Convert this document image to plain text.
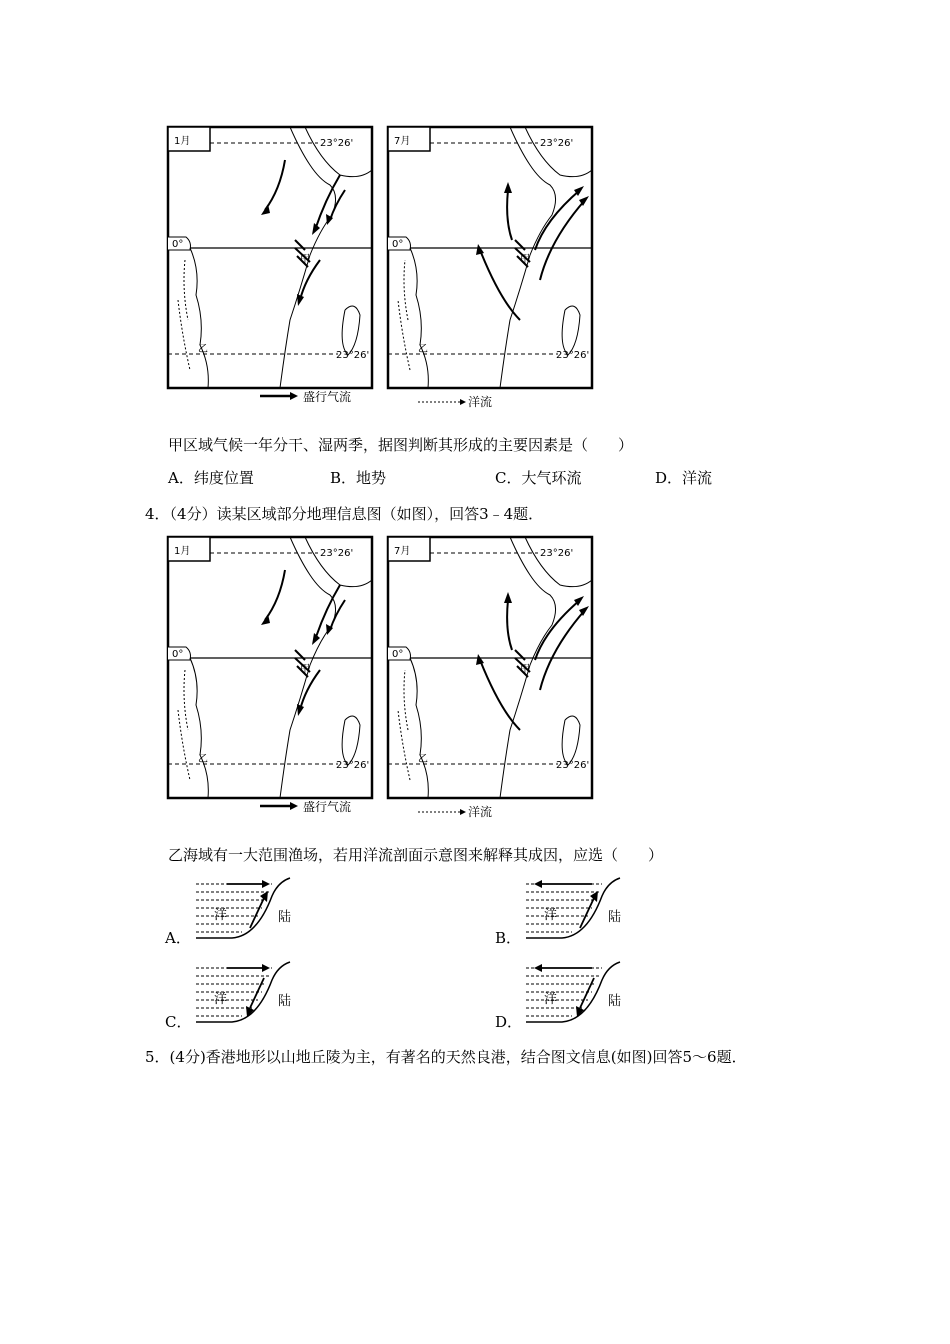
1月	23°26'
0°
23°26'
甲
乙
7月	23°26'
0°
23°26'
甲
乙
盛行气流	洋流
甲区域气候一年分干、湿两季，据图判断其形成的主要因素是（　　）
A．纬度位置	B．地势	C．大气环流	D．洋流
4．（4分）读某区域部分地理信息图（如图），回答3﹣4题．
1月	23°26'
0°
23°26'
甲
乙
7月	23°26'
0°
23°26'
甲
乙
盛行气流	洋流
乙海域有一大范围渔场，若用洋流剖面示意图来解释其成因，应选（　　）
A．
洋	陆
B．
洋	陆
C．
洋	陆
D．
洋	陆
5．(4分)香港地形以山地丘陵为主，有著名的天然良港，结合图文信息(如图)回答5～6题．
